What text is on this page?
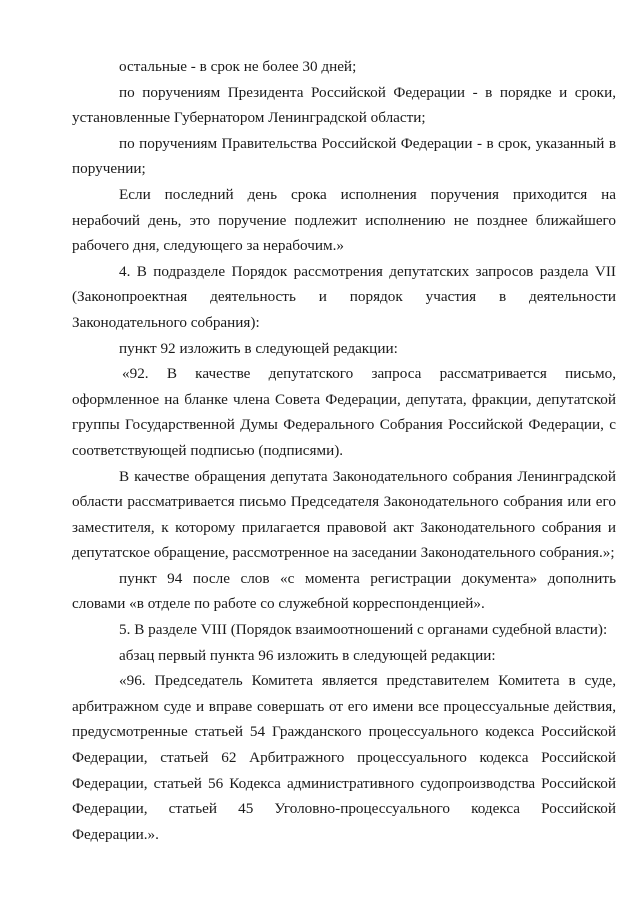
остальные - в срок не более 30 дней;

по поручениям Президента Российской Федерации - в порядке и сроки, установленные Губернатором Ленинградской области;

по поручениям Правительства Российской Федерации - в срок, указанный в поручении;

Если последний день срока исполнения поручения приходится на нерабочий день, это поручение подлежит исполнению не позднее ближайшего рабочего дня, следующего за нерабочим.»

4. В подразделе Порядок рассмотрения депутатских запросов раздела VII (Законопроектная деятельность и порядок участия в деятельности Законодательного собрания):

пункт 92 изложить в следующей редакции:

«92. В качестве депутатского запроса рассматривается письмо, оформленное на бланке члена Совета Федерации, депутата, фракции, депутатской группы Государственной Думы Федерального Собрания Российской Федерации, с соответствующей подписью (подписями).

В качестве обращения депутата Законодательного собрания Ленинградской области рассматривается письмо Председателя Законодательного собрания или его заместителя, к которому прилагается правовой акт Законодательного собрания и депутатское обращение, рассмотренное на заседании Законодательного собрания.»;

пункт 94 после слов «с момента регистрации документа» дополнить словами «в отделе по работе со служебной корреспонденцией».

5. В разделе VIII (Порядок взаимоотношений с органами судебной власти):

абзац первый пункта 96 изложить в следующей редакции:

«96. Председатель Комитета является представителем Комитета в суде, арбитражном суде и вправе совершать от его имени все процессуальные действия, предусмотренные статьей 54 Гражданского процессуального кодекса Российской Федерации, статьей 62 Арбитражного процессуального кодекса Российской Федерации, статьей 56 Кодекса административного судопроизводства Российской Федерации, статьей 45 Уголовно-процессуального кодекса Российской Федерации.».
